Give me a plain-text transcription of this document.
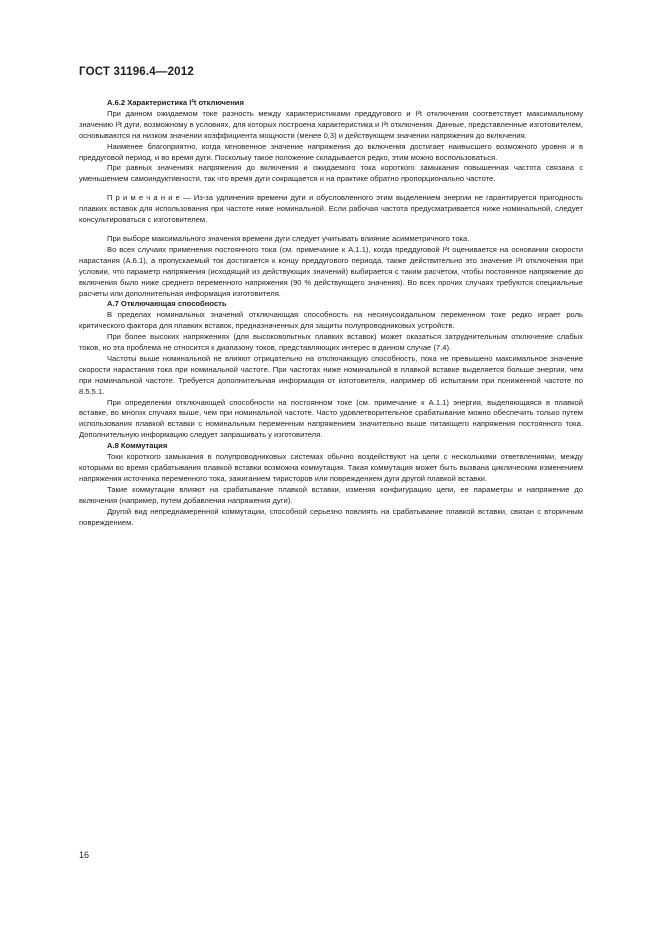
ГОСТ 31196.4—2012
А.6.2 Характеристика I²t отключения

При данном ожидаемом токе разность между характеристиками преддугового и I²t отключения соответствует максимальному значению I²t дуги, возможному в условиях, для которых построена характеристика и I²t отключения. Данные, представленные изготовителем, основываются на низком значении коэффициента мощности (менее 0,3) и действующем значении напряжения до включения.

Наименее благоприятно, когда мгновенное значение напряжения до включения достигает наивысшего возможного уровня и в преддуговой период, и во время дуги. Поскольку такое положение складывается редко, этим можно воспользоваться.

При равных значениях напряжения до включения и ожидаемого тока короткого замыкания повышенная частота связана с уменьшением самоиндуктивности, так что время дуги сокращается и на практике обратно пропорционально частоте.

П р и м е ч а н и е — Из-за удлинения времени дуги и обусловленного этим выделением энергии не гарантируется пригодность плавких вставок для использования при частоте ниже номинальной. Если рабочая частота предусматривается ниже номинальной, следует консультироваться с изготовителем.

При выборе максимального значения времени дуги следует учитывать влияние асимметричного тока.

Во всех случаях применения постоянного тока (см. примечание к А.1.1), когда преддуговой I²t оценивается на основании скорости нарастания (А.6.1), а пропускаемый ток достигается к концу преддугового периода, также действительно это значение I²t отключения при условии, что параметр напряжения (исходящий из действующих значений) выбирается с таким расчетом, чтобы постоянное напряжение до включения было ниже среднего переменного напряжения (90 % действующего значения). Во всех прочих случаях требуются специальные расчеты или дополнительная информация изготовителя.

А.7 Отключающая способность

В пределах номинальных значений отключающая способность на несинусоидальном переменном токе редко играет роль критического фактора для плавких вставок, предназначенных для защиты полупроводниковых устройств.

При более высоких напряжениях (для высоковольтных плавких вставок) может оказаться затруднительным отключение слабых токов, но эта проблема не относится к диапазону токов, представляющих интерес в данном случае (7.4).

Частоты выше номинальной не влияют отрицательно на отключающую способность, пока не превышено максимальное значение скорости нарастания тока при номинальной частоте. При частотах ниже номинальной в плавкой вставке выделяется больше энергии, чем при номинальной частоте. Требуется дополнительная информация от изготовителя, например об испытании при пониженной частоте по 8.5.5.1.

При определении отключающей способности на постоянном токе (см. примечание к А.1.1) энергия, выделяющаяся в плавкой вставке, во многих случаях выше, чем при номинальной частоте. Часто удовлетворительное срабатывание можно обеспечить только путем использования плавкой вставки с номинальным переменным напряжением значительно выше питающего напряжения постоянного тока. Дополнительную информацию следует запрашивать у изготовителя.

А.8 Коммутация

Токи короткого замыкания в полупроводниковых системах обычно воздействуют на цепи с несколькими ответвлениями, между которыми во время срабатывания плавкой вставки возможна коммутация. Такая коммутация может быть вызвана циклическим изменением напряжения источника переменного тока, зажиганием тиристоров или повреждением дуги другой плавкой вставки.

Такие коммутации влияют на срабатывание плавкой вставки, изменяя конфигурацию цепи, ее параметры и напряжение до включения (например, путем добавления напряжения дуги).

Другой вид непреднамеренной коммутации, способной серьезно повлиять на срабатывание плавкой вставки, связан с вторичным повреждением.

16
